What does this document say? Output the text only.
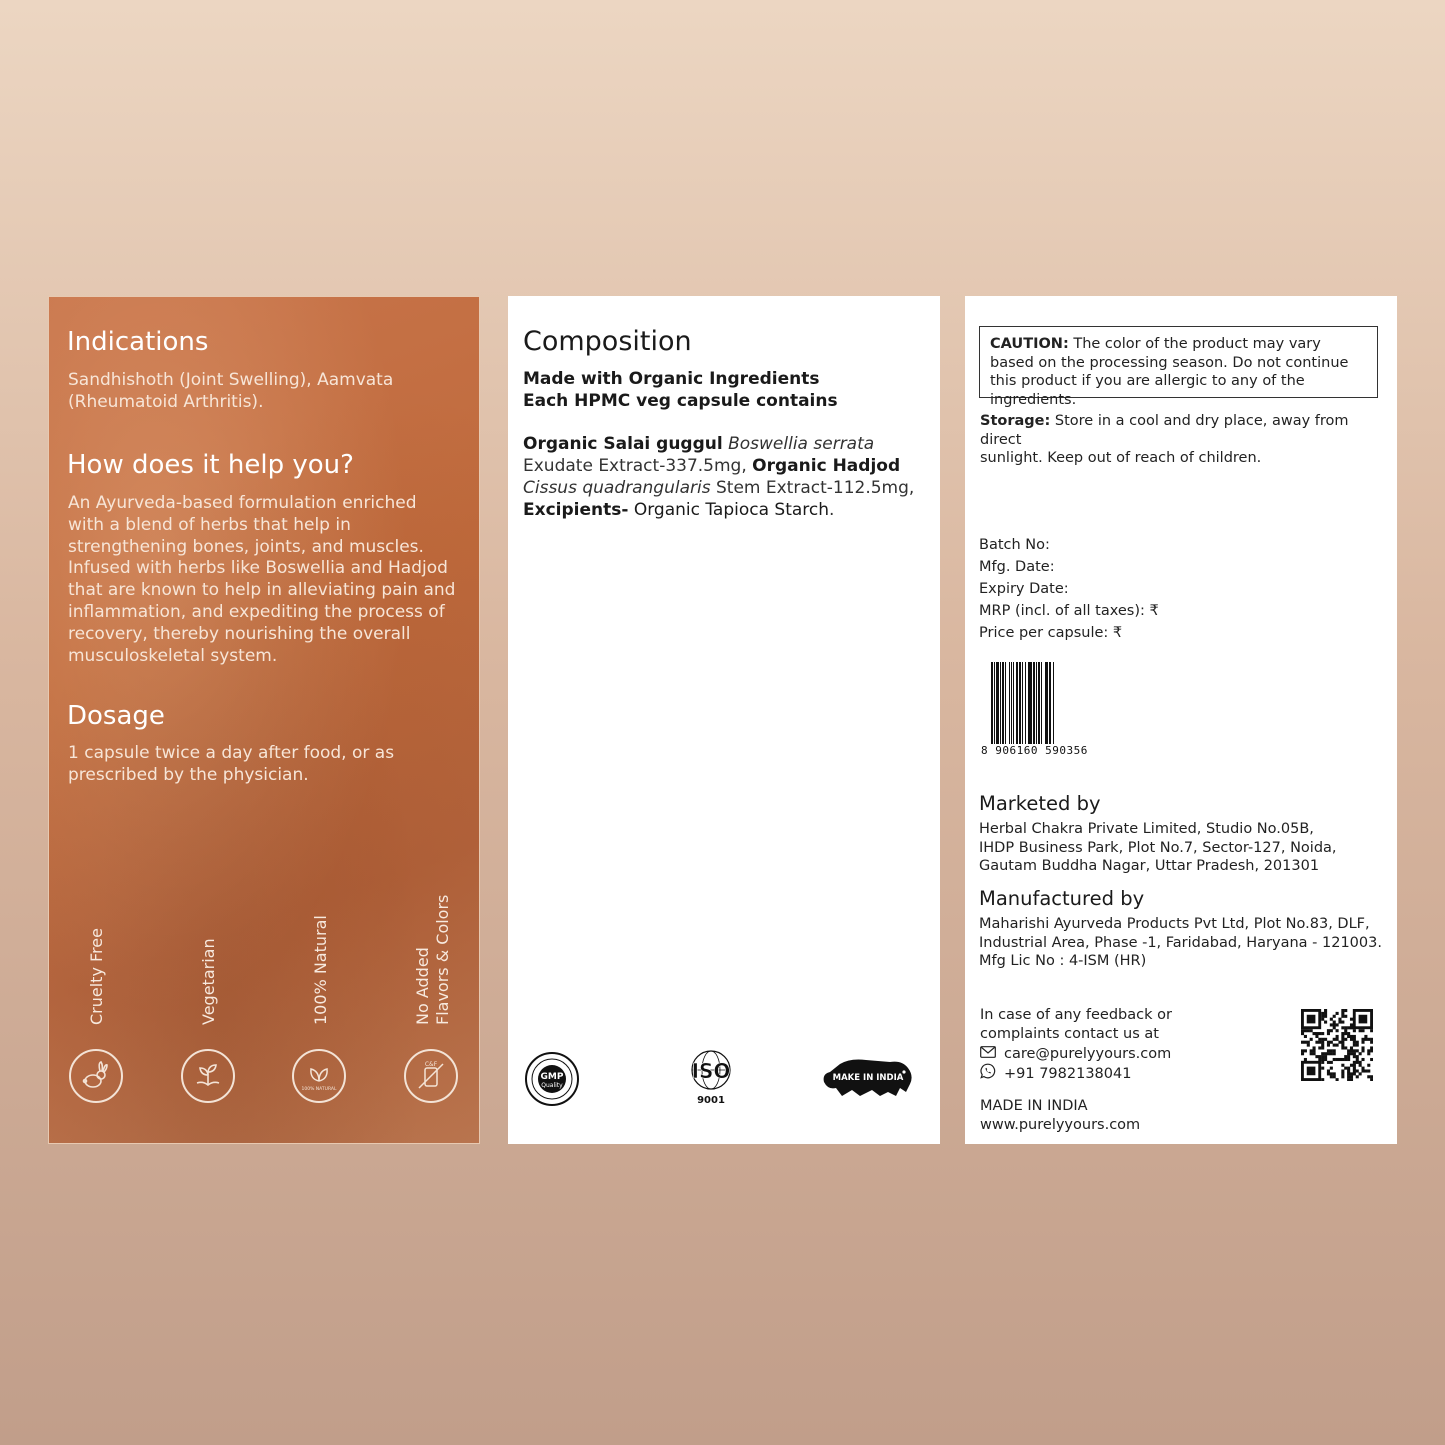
Indications
Sandhishoth (Joint Swelling), Aamvata
(Rheumatoid Arthritis).
How does it help you?
An Ayurveda-based formulation enriched
with a blend of herbs that help in
strengthening bones, joints, and muscles.
Infused with herbs like Boswellia and Hadjod
that are known to help in alleviating pain and
inflammation, and expediting the process of
recovery, thereby nourishing the overall
musculoskeletal system.
Dosage
1 capsule twice a day after food, or as
prescribed by the physician.
Cruelty Free	Vegetarian	100% Natural	No Added Flavors & Colors
100% NATURAL
C&F
Composition
Made with Organic Ingredients
Each HPMC veg capsule contains
Organic Salai guggul Boswellia serrata Exudate Extract-337.5mg, Organic Hadjod Cissus quadrangularis Stem Extract-112.5mg,
Excipients- Organic Tapioca Starch.
GMP
Quality
ISO
9001
MAKE IN INDIA
CAUTION: The color of the product may vary based on the processing season. Do not continue this product if you are allergic to any of the ingredients.
Storage: Store in a cool and dry place, away from direct
sunlight. Keep out of reach of children.
Batch No:
Mfg. Date:
Expiry Date:
MRP (incl. of all taxes): ₹
Price per capsule: ₹
8 906160 590356
Marketed by
Herbal Chakra Private Limited, Studio No.05B,
IHDP Business Park, Plot No.7, Sector-127, Noida,
Gautam Buddha Nagar, Uttar Pradesh, 201301
Manufactured by
Maharishi Ayurveda Products Pvt Ltd, Plot No.83, DLF,
Industrial Area, Phase -1, Faridabad, Haryana - 121003.
Mfg Lic No : 4-ISM (HR)
In case of any feedback or
complaints contact us at
care@purelyyours.com
+91 7982138041
MADE IN INDIA
www.purelyyours.com
